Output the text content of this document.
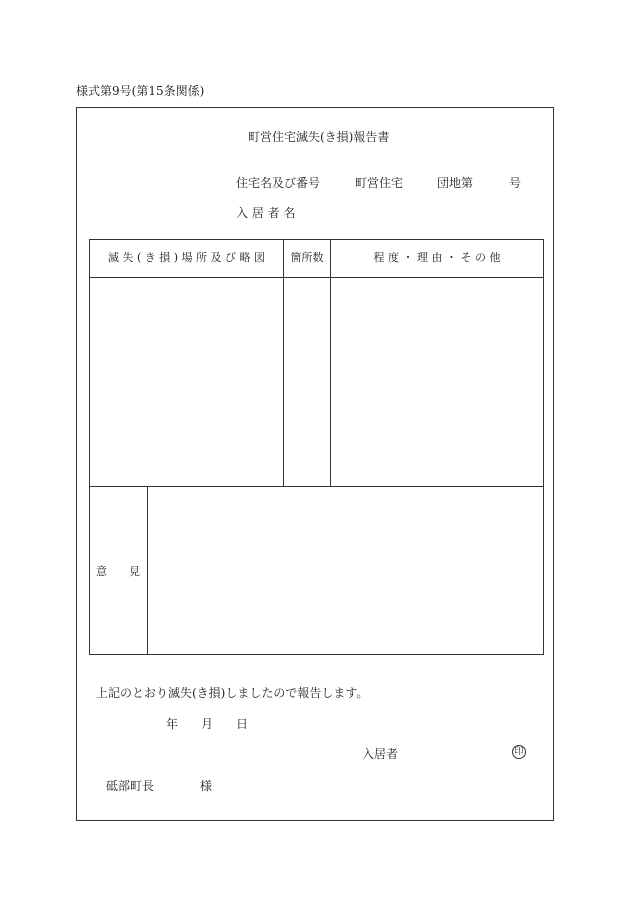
様式第9号(第15条関係)
町営住宅滅失(き損)報告書
住宅名及び番号	町営住宅	団地第	号
入 居 者 名
滅 失 ( き 損 ) 場 所 及 び 略 図	箇所数	程 度 ・ 理 由 ・ そ の 他
意　　見
上記のとおり滅失(き損)しましたので報告します。
年 月 日
入居者	印
砥部町長	様
